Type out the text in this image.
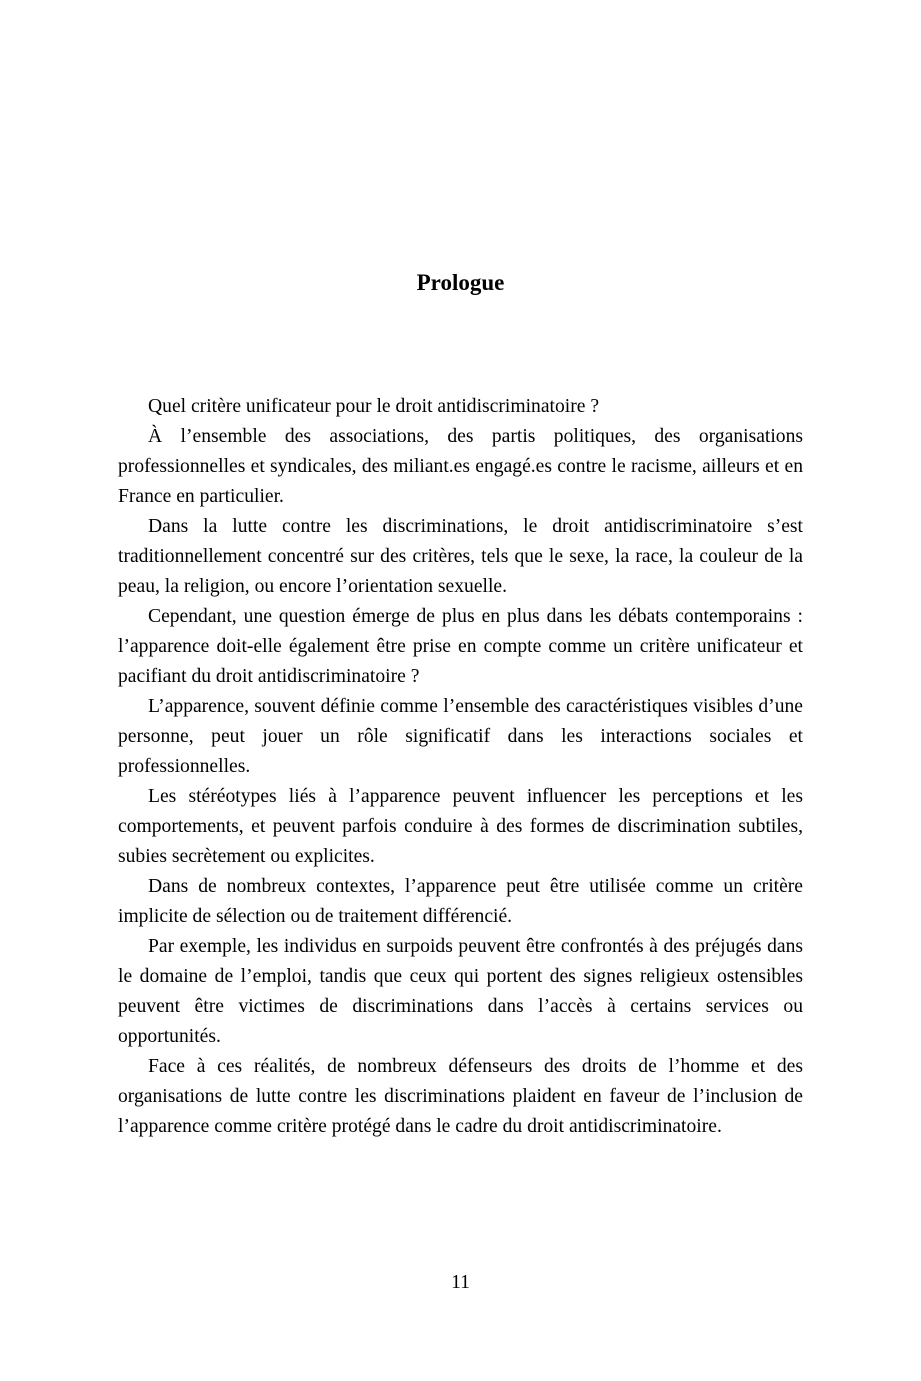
Prologue

Quel critère unificateur pour le droit antidiscriminatoire ?

À l’ensemble des associations, des partis politiques, des organisations professionnelles et syndicales, des miliant.es engagé.es contre le racisme, ailleurs et en France en particulier.

Dans la lutte contre les discriminations, le droit antidiscriminatoire s’est traditionnellement concentré sur des critères, tels que le sexe, la race, la couleur de la peau, la religion, ou encore l’orientation sexuelle.

Cependant, une question émerge de plus en plus dans les débats contemporains : l’apparence doit-elle également être prise en compte comme un critère unificateur et pacifiant du droit antidiscriminatoire ?

L’apparence, souvent définie comme l’ensemble des caractéristiques visibles d’une personne, peut jouer un rôle significatif dans les interactions sociales et professionnelles.

Les stéréotypes liés à l’apparence peuvent influencer les perceptions et les comportements, et peuvent parfois conduire à des formes de discrimination subtiles, subies secrètement ou explicites.

Dans de nombreux contextes, l’apparence peut être utilisée comme un critère implicite de sélection ou de traitement différencié.

Par exemple, les individus en surpoids peuvent être confrontés à des préjugés dans le domaine de l’emploi, tandis que ceux qui portent des signes religieux ostensibles peuvent être victimes de discriminations dans l’accès à certains services ou opportunités.

Face à ces réalités, de nombreux défenseurs des droits de l’homme et des organisations de lutte contre les discriminations plaident en faveur de l’inclusion de l’apparence comme critère protégé dans le cadre du droit antidiscriminatoire.

11
